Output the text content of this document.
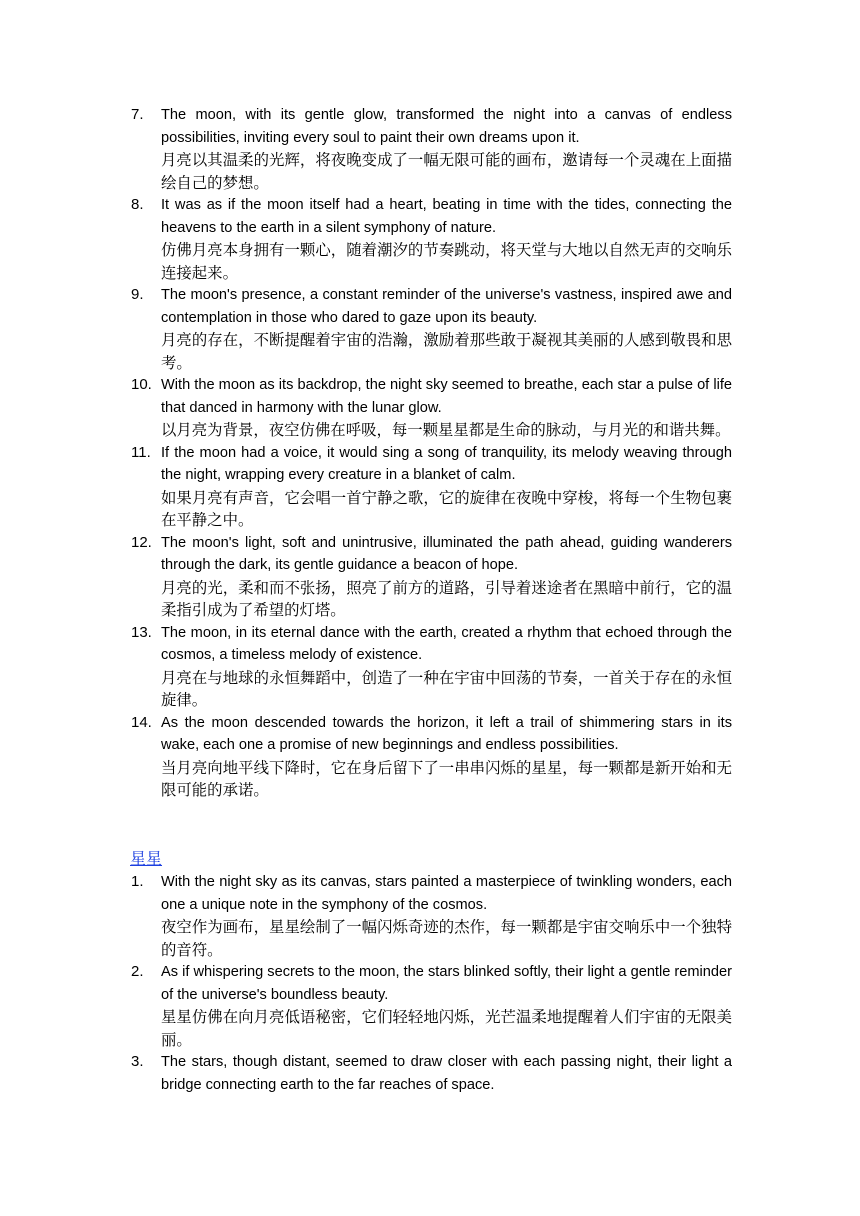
7. The moon, with its gentle glow, transformed the night into a canvas of endless possibilities, inviting every soul to paint their own dreams upon it.
月亮以其温柔的光辉，将夜晚变成了一幅无限可能的画布，邀请每一个灵魂在上面描绘自己的梦想。
8. It was as if the moon itself had a heart, beating in time with the tides, connecting the heavens to the earth in a silent symphony of nature.
仿佛月亮本身拥有一颗心，随着潮汐的节奏跳动，将天堂与大地以自然无声的交响乐连接起来。
9. The moon's presence, a constant reminder of the universe's vastness, inspired awe and contemplation in those who dared to gaze upon its beauty.
月亮的存在，不断提醒着宇宙的浩瀚，激励着那些敢于凝视其美丽的人感到敬畏和思考。
10. With the moon as its backdrop, the night sky seemed to breathe, each star a pulse of life that danced in harmony with the lunar glow.
以月亮为背景，夜空仿佛在呼吸，每一颗星星都是生命的脉动，与月光的和谐共舞。
11. If the moon had a voice, it would sing a song of tranquility, its melody weaving through the night, wrapping every creature in a blanket of calm.
如果月亮有声音，它会唱一首宁静之歌，它的旋律在夜晚中穿梭，将每一个生物包裹在平静之中。
12. The moon's light, soft and unintrusive, illuminated the path ahead, guiding wanderers through the dark, its gentle guidance a beacon of hope.
月亮的光，柔和而不张扬，照亮了前方的道路，引导着迷途者在黑暗中前行，它的温柔指引成为了希望的灯塔。
13. The moon, in its eternal dance with the earth, created a rhythm that echoed through the cosmos, a timeless melody of existence.
月亮在与地球的永恒舞蹈中，创造了一种在宇宙中回荡的节奏，一首关于存在的永恒旋律。
14. As the moon descended towards the horizon, it left a trail of shimmering stars in its wake, each one a promise of new beginnings and endless possibilities.
当月亮向地平线下降时，它在身后留下了一串串闪烁的星星，每一颗都是新开始和无限可能的承诺。
星星
1. With the night sky as its canvas, stars painted a masterpiece of twinkling wonders, each one a unique note in the symphony of the cosmos.
夜空作为画布，星星绘制了一幅闪烁奇迹的杰作，每一颗都是宇宙交响乐中一个独特的音符。
2. As if whispering secrets to the moon, the stars blinked softly, their light a gentle reminder of the universe's boundless beauty.
星星仿佛在向月亮低语秘密，它们轻轻地闪烁，光芒温柔地提醒着人们宇宙的无限美丽。
3. The stars, though distant, seemed to draw closer with each passing night, their light a bridge connecting earth to the far reaches of space.
